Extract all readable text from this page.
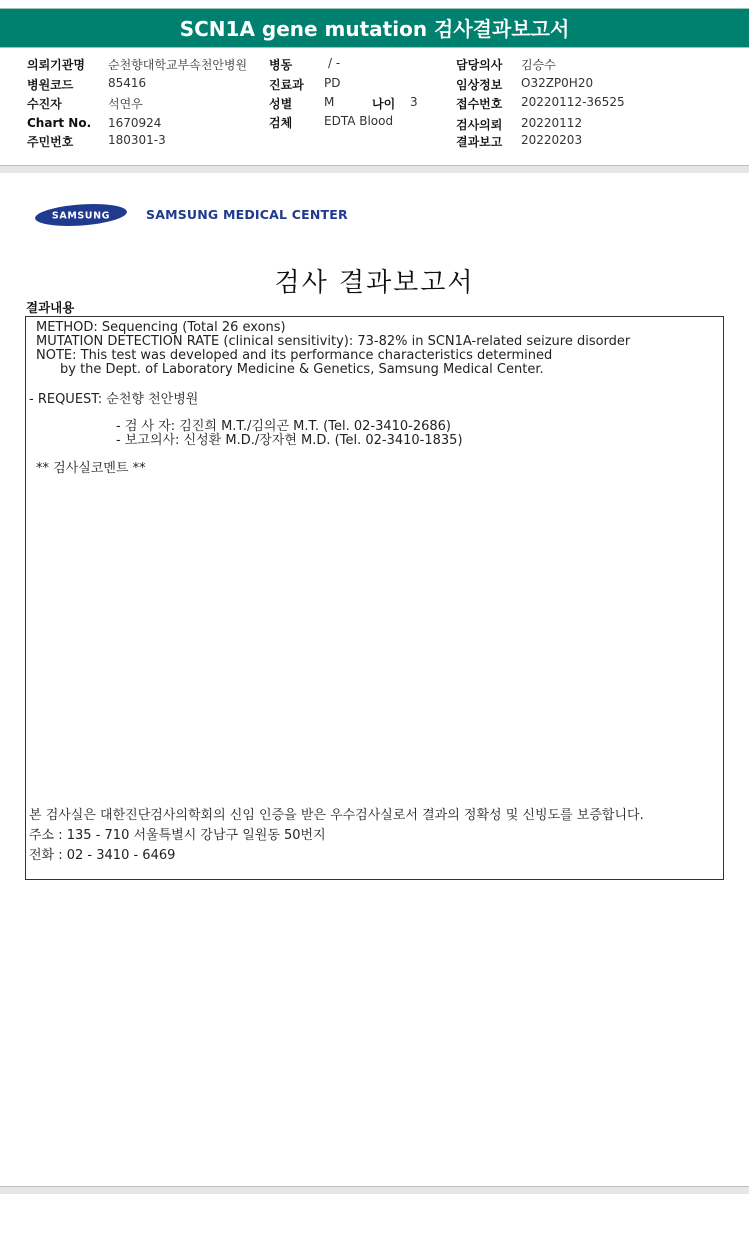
SCN1A gene mutation 검사결과보고서
의뢰기관명 순천향대학교부속천안병원 병동	/ -	담당의사 김승수
병원코드	85416	진료과 PD	임상정보 O32ZP0H20
수진자	석연우	성별	M	나이 3	접수번호 20220112-36525
Chart No. 1670924	검체	EDTA Blood	검사의뢰 20220112
주민번호	180301-3	결과보고 20220203
SAMSUNG	SAMSUNG MEDICAL CENTER
검사 결과보고서
결과내용
METHOD: Sequencing (Total 26 exons)
MUTATION DETECTION RATE (clinical sensitivity): 73-82% in SCN1A-related seizure disorder
NOTE: This test was developed and its performance characteristics determined
by the Dept. of Laboratory Medicine & Genetics, Samsung Medical Center.
- REQUEST: 순천향 천안병원
- 검 사 자: 김진희 M.T./김의곤 M.T. (Tel. 02-3410-2686)
- 보고의사: 신성환 M.D./장자현 M.D. (Tel. 02-3410-1835)
** 검사실코멘트 **
본 검사실은 대한진단검사의학회의 신임 인증을 받은 우수검사실로서 결과의 정확성 및 신빙도를 보증합니다.
주소 : 135 - 710 서울특별시 강남구 일원동 50번지
전화 : 02 - 3410 - 6469
